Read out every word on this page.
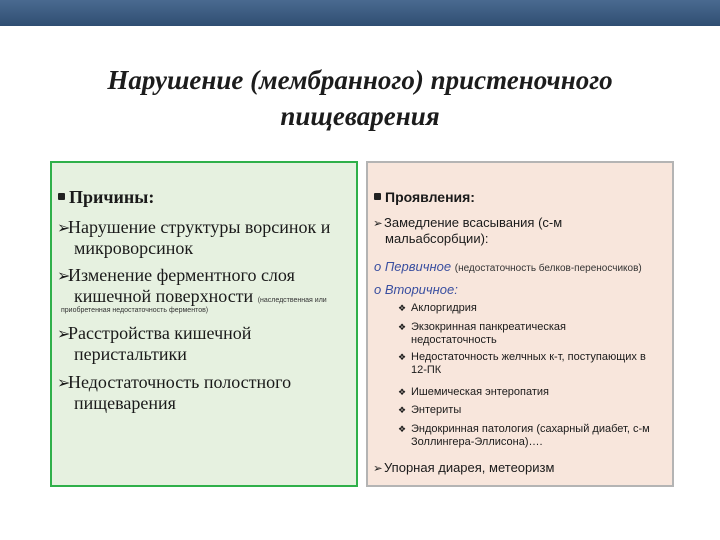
Нарушение (мембранного) пристеночного
пищеварения
Причины:
➢Нарушение структуры ворсинок и
микроворсинок
➢Изменение ферментного слоя
кишечной поверхности (наследственная или
приобретенная недостаточность ферментов)
➢Расстройства кишечной
перистальтики
➢Недостаточность полостного
пищеварения
Проявления:
➢Замедление всасывания (с-м
мальабсорбции):
o Первичное (недостаточность белков-переносчиков)
o Вторичное:
❖ Аклоргидрия
❖ Экзокринная панкреатическая
недостаточность
❖ Недостаточность желчных к-т, поступающих в
12-ПК
❖ Ишемическая энтеропатия
❖ Энтериты
❖ Эндокринная патология (сахарный диабет, с-м
Золлингера-Эллисона)….
➢Упорная диарея, метеоризм
